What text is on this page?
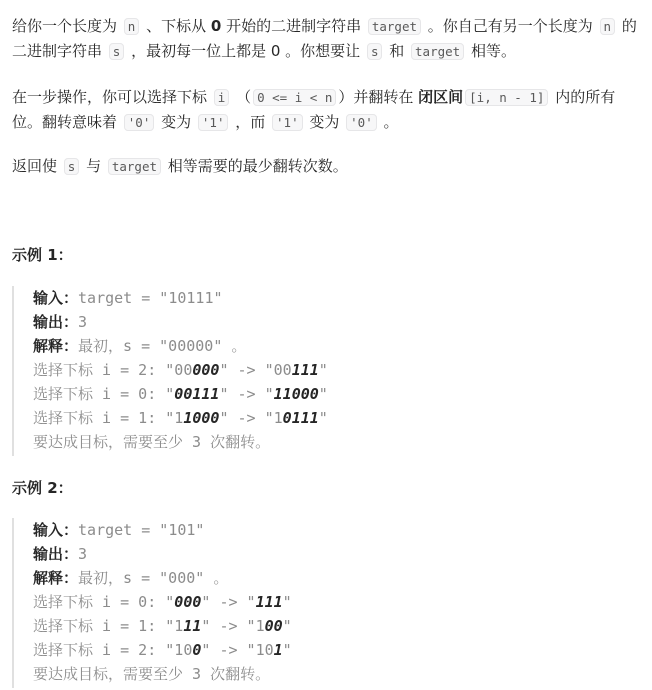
给你一个长度为 n 、下标从 0 开始的二进制字符串 target 。你自己有另一个长度为 n 的二进制字符串 s ，最初每一位上都是 0 。你想要让 s 和 target 相等。

在一步操作，你可以选择下标 i （ 0 <= i < n ）并翻转在 闭区间 [i, n - 1] 内的所有位。翻转意味着 '0' 变为 '1' ，而 '1' 变为 '0' 。

返回使 s 与 target 相等需要的最少翻转次数。

示例 1：
输入：target = "10111"
输出：3
解释：最初，s = "00000" 。
选择下标 i = 2: "00000" -> "00111"
选择下标 i = 0: "00111" -> "11000"
选择下标 i = 1: "11000" -> "10111"
要达成目标，需要至少 3 次翻转。
示例 2：
输入：target = "101"
输出：3
解释：最初，s = "000" 。
选择下标 i = 0: "000" -> "111"
选择下标 i = 1: "111" -> "100"
选择下标 i = 2: "100" -> "101"
要达成目标，需要至少 3 次翻转。
